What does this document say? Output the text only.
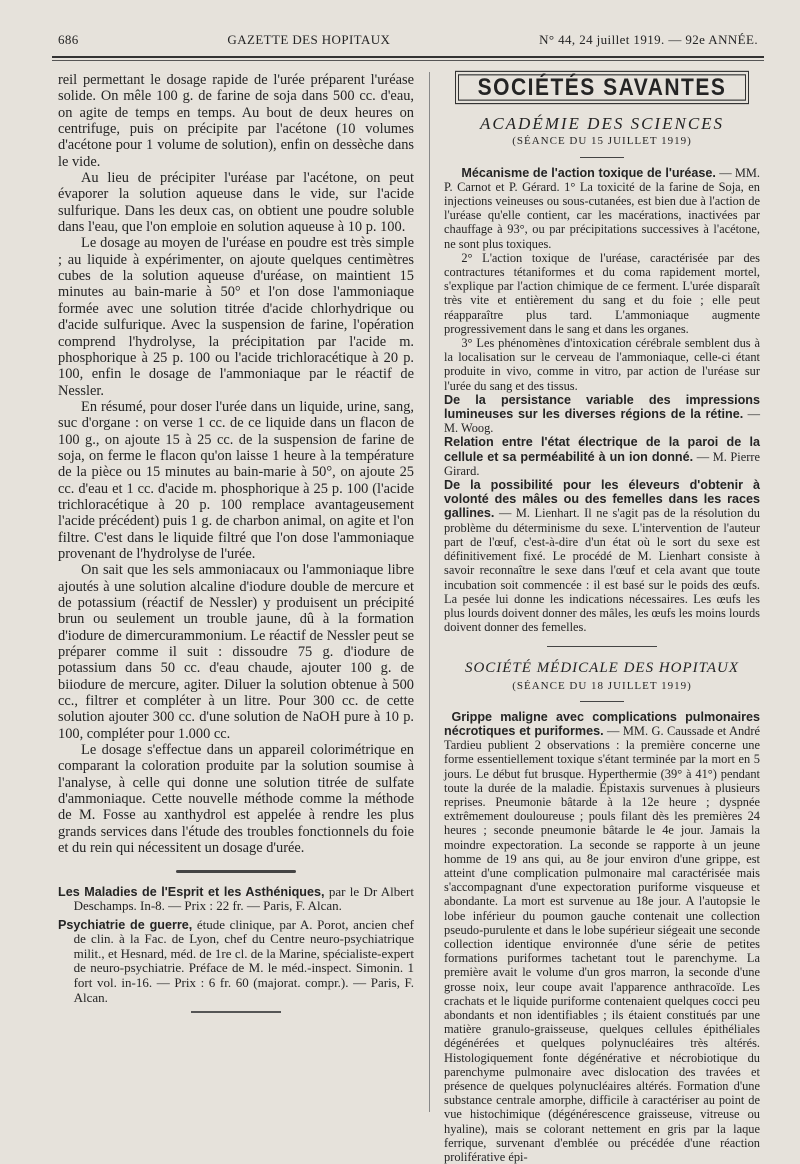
686	GAZETTE DES HOPITAUX	N° 44, 24 juillet 1919. — 92e ANNÉE.

reil permettant le dosage rapide de l'urée préparent l'uréase solide. On mêle 100 g. de farine de soja dans 500 cc. d'eau, on agite de temps en temps. Au bout de deux heures on centrifuge, puis on précipite par l'acétone (10 volumes d'acétone pour 1 volume de solution), enfin on dessèche dans le vide.

Au lieu de précipiter l'uréase par l'acétone, on peut évaporer la solution aqueuse dans le vide, sur l'acide sulfurique. Dans les deux cas, on obtient une poudre soluble dans l'eau, que l'on emploie en solution aqueuse à 10 p. 100.

Le dosage au moyen de l'uréase en poudre est très simple ; au liquide à expérimenter, on ajoute quelques centimètres cubes de la solution aqueuse d'uréase, on maintient 15 minutes au bain-marie à 50° et l'on dose l'ammoniaque formée avec une solution titrée d'acide chlorhydrique ou d'acide sulfurique. Avec la suspension de farine, l'opération comprend l'hydrolyse, la précipitation par l'acide m. phosphorique à 25 p. 100 ou l'acide trichloracétique à 20 p. 100, enfin le dosage de l'ammoniaque par le réactif de Nessler.

En résumé, pour doser l'urée dans un liquide, urine, sang, suc d'organe : on verse 1 cc. de ce liquide dans un flacon de 100 g., on ajoute 15 à 25 cc. de la suspension de farine de soja, on ferme le flacon qu'on laisse 1 heure à la température de la pièce ou 15 minutes au bain-marie à 50°, on ajoute 25 cc. d'eau et 1 cc. d'acide m. phosphorique à 25 p. 100 (l'acide trichloracétique à 20 p. 100 remplace avantageusement l'acide précédent) puis 1 g. de charbon animal, on agite et l'on filtre. C'est dans le liquide filtré que l'on dose l'ammoniaque provenant de l'hydrolyse de l'urée.

On sait que les sels ammoniacaux ou l'ammoniaque libre ajoutés à une solution alcaline d'iodure double de mercure et de potassium (réactif de Nessler) y produisent un précipité brun ou seulement un trouble jaune, dû à la formation d'iodure de dimercurammonium. Le réactif de Nessler peut se préparer comme il suit : dissoudre 75 g. d'iodure de potassium dans 50 cc. d'eau chaude, ajouter 100 g. de biiodure de mercure, agiter. Diluer la solution obtenue à 500 cc., filtrer et compléter à un litre. Pour 300 cc. de cette solution ajouter 300 cc. d'une solution de NaOH pure à 10 p. 100, compléter pour 1.000 cc.

Le dosage s'effectue dans un appareil colorimétrique en comparant la coloration produite par la solution soumise à l'analyse, à celle qui donne une solution titrée de sulfate d'ammoniaque. Cette nouvelle méthode comme la méthode de M. Fosse au xanthydrol est appelée à rendre les plus grands services dans l'étude des troubles fonctionnels du foie et du rein qui nécessitent un dosage d'urée.

Les Maladies de l'Esprit et les Asthéniques, par le Dr Albert Deschamps. In-8. — Prix : 22 fr. — Paris, F. Alcan.

Psychiatrie de guerre, étude clinique, par A. Porot, ancien chef de clin. à la Fac. de Lyon, chef du Centre neuro-psychiatrique milit., et Hesnard, méd. de 1re cl. de la Marine, spécialiste-expert de neuro-psychiatrie. Préface de M. le méd.-inspect. Simonin. 1 fort vol. in-16. — Prix : 6 fr. 60 (majorat. compr.). — Paris, F. Alcan.

SOCIÉTÉS SAVANTES
ACADÉMIE DES SCIENCES
(SÉANCE DU 15 JUILLET 1919)

Mécanisme de l'action toxique de l'uréase. — MM. P. Carnot et P. Gérard. 1° La toxicité de la farine de Soja, en injections veineuses ou sous-cutanées, est bien due à l'action de l'uréase qu'elle contient, car les macérations, inactivées par chauffage à 93°, ou par précipitations successives à l'acétone, ne sont plus toxiques.

2° L'action toxique de l'uréase, caractérisée par des contractures tétaniformes et du coma rapidement mortel, s'explique par l'action chimique de ce ferment. L'urée disparaît très vite et entièrement du sang et du foie ; elle peut réapparaître plus tard. L'ammoniaque augmente progressivement dans le sang et dans les organes.

3° Les phénomènes d'intoxication cérébrale semblent dus à la localisation sur le cerveau de l'ammoniaque, celle-ci étant produite in vivo, comme in vitro, par action de l'uréase sur l'urée du sang et des tissus.

De la persistance variable des impressions lumineuses sur les diverses régions de la rétine. — M. Woog.

Relation entre l'état électrique de la paroi de la cellule et sa perméabilité à un ion donné. — M. Pierre Girard.

De la possibilité pour les éleveurs d'obtenir à volonté des mâles ou des femelles dans les races gallines. — M. Lienhart. Il ne s'agit pas de la résolution du problème du déterminisme du sexe. L'intervention de l'auteur part de l'œuf, c'est-à-dire d'un état où le sort du sexe est définitivement fixé. Le procédé de M. Lienhart consiste à savoir reconnaître le sexe dans l'œuf et cela avant que toute incubation soit commencée : il est basé sur le poids des œufs. La pesée lui donne les indications nécessaires. Les œufs les plus lourds doivent donner des mâles, les œufs les moins lourds doivent donner des femelles.

SOCIÉTÉ MÉDICALE DES HOPITAUX
(SÉANCE DU 18 JUILLET 1919)

Grippe maligne avec complications pulmonaires nécrotiques et puriformes. — MM. G. Caussade et André Tardieu publient 2 observations : la première concerne une forme essentiellement toxique s'étant terminée par la mort en 5 jours. Le début fut brusque. Hyperthermie (39° à 41°) pendant toute la durée de la maladie. Épistaxis survenues à plusieurs reprises. Pneumonie bâtarde à la 12e heure ; dyspnée extrêmement douloureuse ; pouls filant dès les premières 24 heures ; seconde pneumonie bâtarde le 4e jour. Jamais la moindre expectoration. La seconde se rapporte à un jeune homme de 19 ans qui, au 8e jour environ d'une grippe, est atteint d'une complication pulmonaire mal caractérisée mais s'accompagnant d'une expectoration puriforme visqueuse et abondante. La mort est survenue au 18e jour. A l'autopsie le lobe inférieur du poumon gauche contenait une collection pseudo-purulente et dans le lobe supérieur siégeait une seconde collection identique environnée d'une série de petites formations puriformes tachetant tout le parenchyme. La première avait le volume d'un gros marron, la seconde d'une grosse noix, leur coupe avait l'apparence anthracoïde. Les crachats et le liquide puriforme contenaient quelques cocci peu abondants et non identifiables ; ils étaient constitués par une matière granulo-graisseuse, quelques cellules épithéliales dégénérées et quelques polynucléaires très altérés. Histologiquement fonte dégénérative et nécrobiotique du parenchyme pulmonaire avec dislocation des travées et présence de quelques polynucléaires altérés. Formation d'une substance centrale amorphe, difficile à caractériser au point de vue histochimique (dégénérescence graisseuse, vitreuse ou hyaline), mais se colorant nettement en gris par la laque ferrique, survenant d'emblée ou précédée d'une réaction proliférative épi-
